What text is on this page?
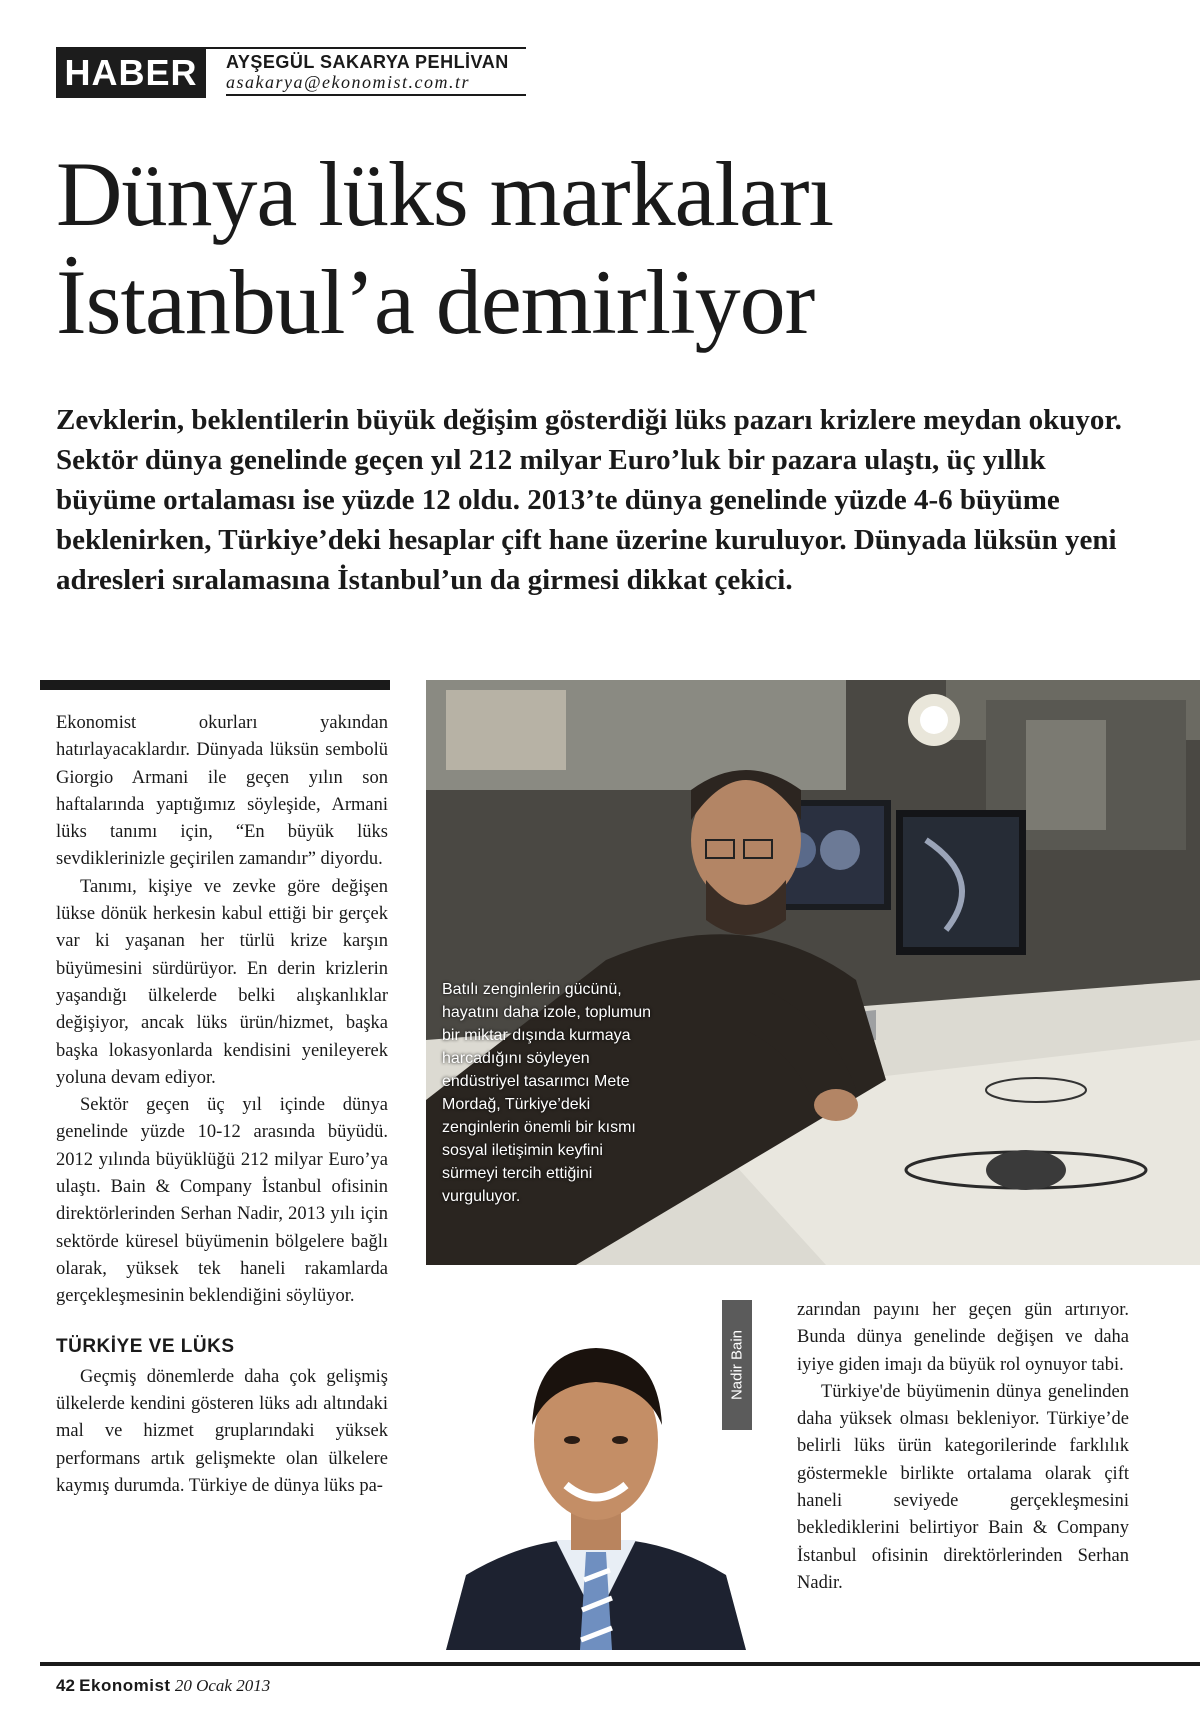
HABER	AYŞEGÜL SAKARYA PEHLİVAN
asakarya@ekonomist.com.tr
Dünya lüks markaları
İstanbul’a demirliyor

Zevklerin, beklentilerin büyük değişim gösterdiği lüks pazarı krizlere meydan okuyor. Sektör dünya genelinde geçen yıl 212 milyar Euro’luk bir pazara ulaştı, üç yıllık büyüme ortalaması ise yüzde 12 oldu. 2013’te dünya genelinde yüzde 4-6 büyüme beklenirken, Türkiye’deki hesaplar çift hane üzerine kuruluyor. Dünyada lüksün yeni adresleri sıralamasına İstanbul’un da girmesi dikkat çekici.

Ekonomist okurları yakından hatırlayacaklardır. Dünyada lüksün sembolü Giorgio Armani ile geçen yılın son haftalarında yaptığımız söyleşide, Armani lüks tanımı için, “En büyük lüks sevdiklerinizle geçirilen zamandır” diyordu.

Tanımı, kişiye ve zevke göre değişen lükse dönük herkesin kabul ettiği bir gerçek var ki yaşanan her türlü krize karşın büyümesini sürdürüyor. En derin krizlerin yaşandığı ülkelerde belki alışkanlıklar değişiyor, ancak lüks ürün/hizmet, başka başka lokasyonlarda kendisini yenileyerek yoluna devam ediyor.

Sektör geçen üç yıl içinde dünya genelinde yüzde 10-12 arasında büyüdü. 2012 yılında büyüklüğü 212 milyar Euro’ya ulaştı. Bain & Company İstanbul ofisinin direktörlerinden Serhan Nadir, 2013 yılı için sektörde küresel büyümenin bölgelere bağlı olarak, yüksek tek haneli rakamlarda gerçekleşmesinin beklendiğini söylüyor.

TÜRKİYE VE LÜKS

Geçmiş dönemlerde daha çok gelişmiş ülkelerde kendini gösteren lüks adı altındaki mal ve hizmet gruplarındaki yüksek performans artık gelişmekte olan ülkelere kaymış durumda. Türkiye de dünya lüks pa-

Batılı zenginlerin gücünü, hayatını daha izole, toplumun bir miktar dışında kurmaya harcadığını söyleyen endüstriyel tasarımcı Mete Mordağ, Türkiye’deki zenginlerin önemli bir kısmı sosyal iletişimin keyfini sürmeyi tercih ettiğini vurguluyor.
Nadir Bain

zarından payını her geçen gün artırıyor. Bunda dünya genelinde değişen ve daha iyiye giden imajı da büyük rol oynuyor tabi.

Türkiye'de büyümenin dünya genelinden daha yüksek olması bekleniyor. Türkiye’de belirli lüks ürün kategorilerinde farklılık göstermekle birlikte ortalama olarak çift haneli seviyede gerçekleşmesini beklediklerini belirtiyor Bain & Company İstanbul ofisinin direktörlerinden Serhan Nadir.

42 Ekonomist 20 Ocak 2013
